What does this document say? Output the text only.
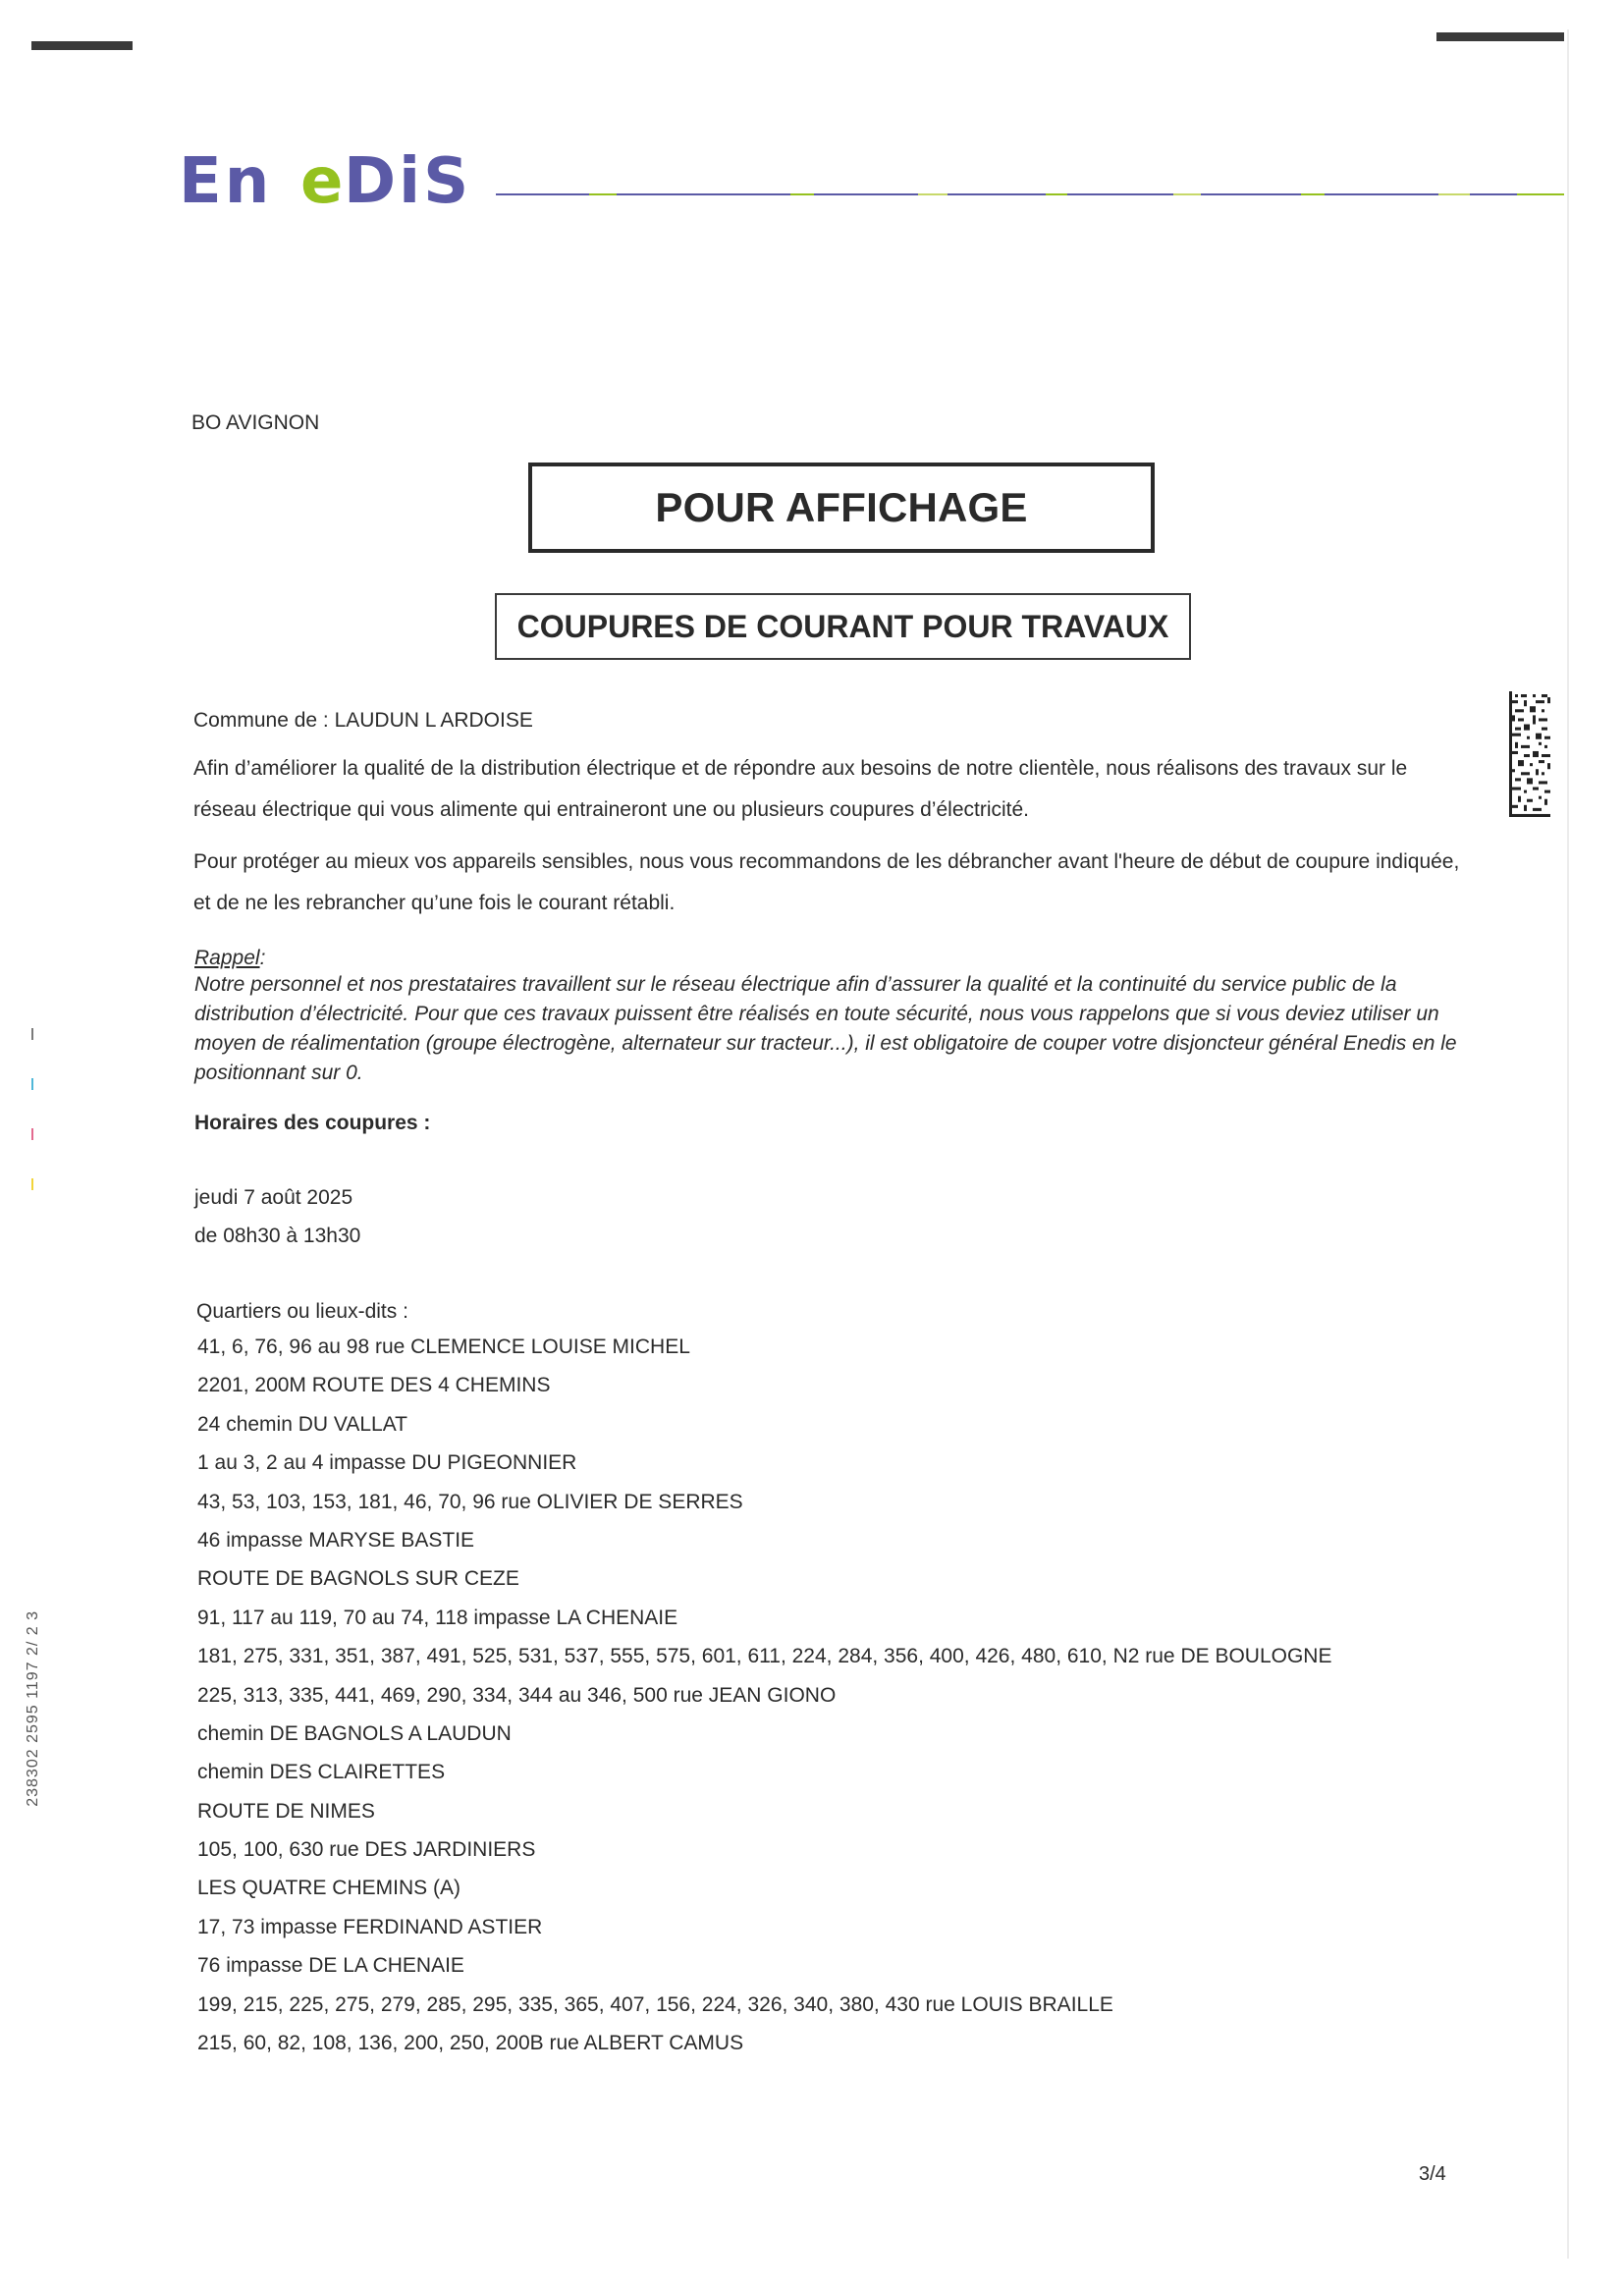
En e DiS
BO AVIGNON
POUR AFFICHAGE
COUPURES DE COURANT POUR TRAVAUX
Commune de : LAUDUN L ARDOISE
Afin d’améliorer la qualité de la distribution électrique et de répondre aux besoins de notre clientèle, nous réalisons des travaux sur le réseau électrique qui vous alimente qui entraineront une ou plusieurs coupures d’électricité.
Pour protéger au mieux vos appareils sensibles, nous vous recommandons de les débrancher avant l'heure de début de coupure indiquée, et de ne les rebrancher qu’une fois le courant rétabli.
Rappel:
Notre personnel et nos prestataires travaillent sur le réseau électrique afin d’assurer la qualité et la continuité du service public de la distribution d’électricité. Pour que ces travaux puissent être réalisés en toute sécurité, nous vous rappelons que si vous deviez utiliser un moyen de réalimentation (groupe électrogène, alternateur sur tracteur...), il est obligatoire de couper votre disjoncteur général Enedis en le positionnant sur 0.
Horaires des coupures :
jeudi 7 août 2025
de 08h30 à 13h30
Quartiers ou lieux-dits :
41, 6, 76, 96 au 98 rue CLEMENCE LOUISE MICHEL
2201, 200M ROUTE DES 4 CHEMINS
24 chemin DU VALLAT
1 au 3, 2 au 4 impasse DU PIGEONNIER
43, 53, 103, 153, 181, 46, 70, 96 rue OLIVIER DE SERRES
46 impasse MARYSE BASTIE
ROUTE DE BAGNOLS SUR CEZE
91, 117 au 119, 70 au 74, 118 impasse LA CHENAIE
181, 275, 331, 351, 387, 491, 525, 531, 537, 555, 575, 601, 611, 224, 284, 356, 400, 426, 480, 610, N2 rue DE BOULOGNE
225, 313, 335, 441, 469, 290, 334, 344 au 346, 500 rue JEAN GIONO
chemin DE BAGNOLS A LAUDUN
chemin DES CLAIRETTES
ROUTE DE NIMES
105, 100, 630 rue DES JARDINIERS
LES QUATRE CHEMINS (A)
17, 73 impasse FERDINAND ASTIER
76 impasse DE LA CHENAIE
199, 215, 225, 275, 279, 285, 295, 335, 365, 407, 156, 224, 326, 340, 380, 430 rue LOUIS BRAILLE
215, 60, 82, 108, 136, 200, 250, 200B rue ALBERT CAMUS
3/4
238302 2595 1197 2/ 2 3
